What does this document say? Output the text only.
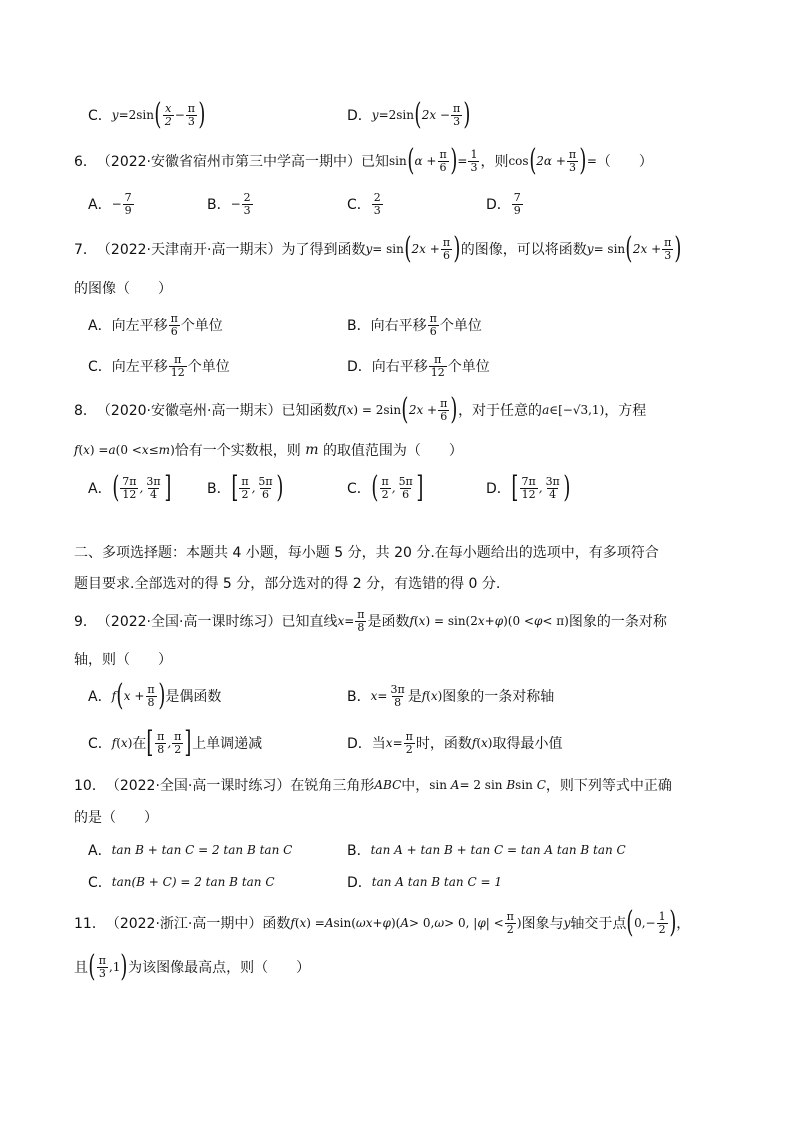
C． y =2sin ( $\frac{x}{2} - \frac{\pi}{3}$ )	D． y =2sin ( $2x - \frac{\pi}{3}$ )
6． （2022·安徽省宿州市第三中学高一期中）已知 sin ( $\alpha + \frac{\pi}{6}$ ) = $\frac{1}{3}$ ，则 cos ( $2\alpha + \frac{\pi}{3}$ ) = （　　）
A． − $\frac{7}{9}$	B． − $\frac{2}{3}$	C． $\frac{2}{3}$	D． $\frac{7}{9}$
7． （2022·天津南开·高一期末）为了得到函数 y = sin ( $2x + \frac{\pi}{6}$ ) 的图像，可以将函数 y = sin ( $2x + \frac{\pi}{3}$ )
的图像（　　）
A． 向左平移 $\frac{\pi}{6}$ 个单位	B． 向右平移 $\frac{\pi}{6}$ 个单位
C． 向左平移 $\frac{\pi}{12}$ 个单位	D． 向右平移 $\frac{\pi}{12}$ 个单位
8． （2020·安徽亳州·高一期末）已知函数 f ( x ) = 2sin ( $2x + \frac{\pi}{6}$ ) ，对于任意的 a ∈[−√3,1) ，方程
f ( x ) = a (0 < x ≤ m ) 恰有一个实数根，则 m 的取值范围为（　　）
A． ( $\frac{7\pi}{12}$ , $\frac{3\pi}{4}$ ]	B． [ $\frac{\pi}{2}$ , $\frac{5\pi}{6}$ )	C． ( $\frac{\pi}{2}$ , $\frac{5\pi}{6}$ ]	D． [ $\frac{7\pi}{12}$ , $\frac{3\pi}{4}$ )
二、多项选择题：本题共 4 小题，每小题 5 分，共 20 分.在每小题给出的选项中，有多项符合
题目要求.全部选对的得 5 分，部分选对的得 2 分，有选错的得 0 分.
9． （2022·全国·高一课时练习）已知直线 $x = \frac{\pi}{8}$ 是函数 f ( x ) = sin(2 x + φ )(0 < φ < π) 图象的一条对称
轴，则（　　）
A． f ( $x + \frac{\pi}{8}$ ) 是偶函数	B． $x = \frac{3\pi}{8}$ 是 f ( x ) 图象的一条对称轴
C． f ( x ) 在 [ $\frac{\pi}{8}$ , $\frac{\pi}{2}$ ] 上单调递减	D． 当 $x = \frac{\pi}{2}$ 时，函数 f ( x ) 取得最小值
10． （2022·全国·高一课时练习）在锐角三角形 ABC 中， sin A = 2 sin B sin C ，则下列等式中正确
的是（　　）
A． tan B + tan C = 2 tan B tan C	B． tan A + tan B + tan C = tan A tan B tan C
C． tan(B + C) = 2 tan B tan C	D． tan A tan B tan C = 1
11． （2022·浙江·高一期中）函数 f ( x ) = A sin( ωx + φ )( A > 0, ω > 0, | φ | < $\frac{\pi}{2}$ ) 图象与 y 轴交于点 ( $0,- \frac{1}{2}$ ) ，
且 ( $\frac{\pi}{3} ,1$ ) 为该图像最高点，则（　　）
